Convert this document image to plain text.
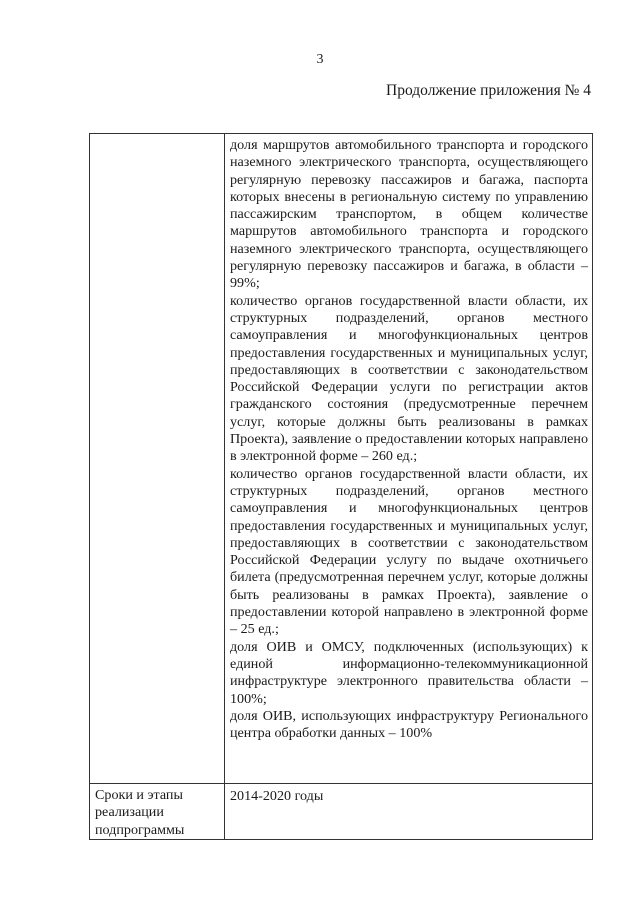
3
Продолжение приложения № 4

	доля маршрутов автомобильного транспорта и городского наземного электрического транспорта, осуществляющего регулярную перевозку пассажиров и багажа, паспорта которых внесены в региональную систему по управлению пассажирским транспортом, в общем количестве маршрутов автомобильного транспорта и городского наземного электрического транспорта, осуществляющего регулярную перевозку пассажиров и багажа, в области – 99%;

количество органов государственной власти области, их структурных подразделений, органов местного самоуправления и многофункциональных центров предоставления государственных и муниципальных услуг, предоставляющих в соответствии с законодательством Российской Федерации услуги по регистрации актов гражданского состояния (предусмотренные перечнем услуг, которые должны быть реализованы в рамках Проекта), заявление о предоставлении которых направлено в электронной форме – 260 ед.;

количество органов государственной власти области, их структурных подразделений, органов местного самоуправления и многофункциональных центров предоставления государственных и муниципальных услуг, предоставляющих в соответствии с законодательством Российской Федерации услугу по выдаче охотничьего билета (предусмотренная перечнем услуг, которые должны быть реализованы в рамках Проекта), заявление о предоставлении которой направлено в электронной форме – 25 ед.;

доля ОИВ и ОМСУ, подключенных (использующих) к единой информационно-телекоммуникационной инфраструктуре электронного правительства области – 100%;

доля ОИВ, использующих инфраструктуру Регионального центра обработки данных – 100%

Сроки и этапы
реализации
подпрограммы	2014-2020 годы
